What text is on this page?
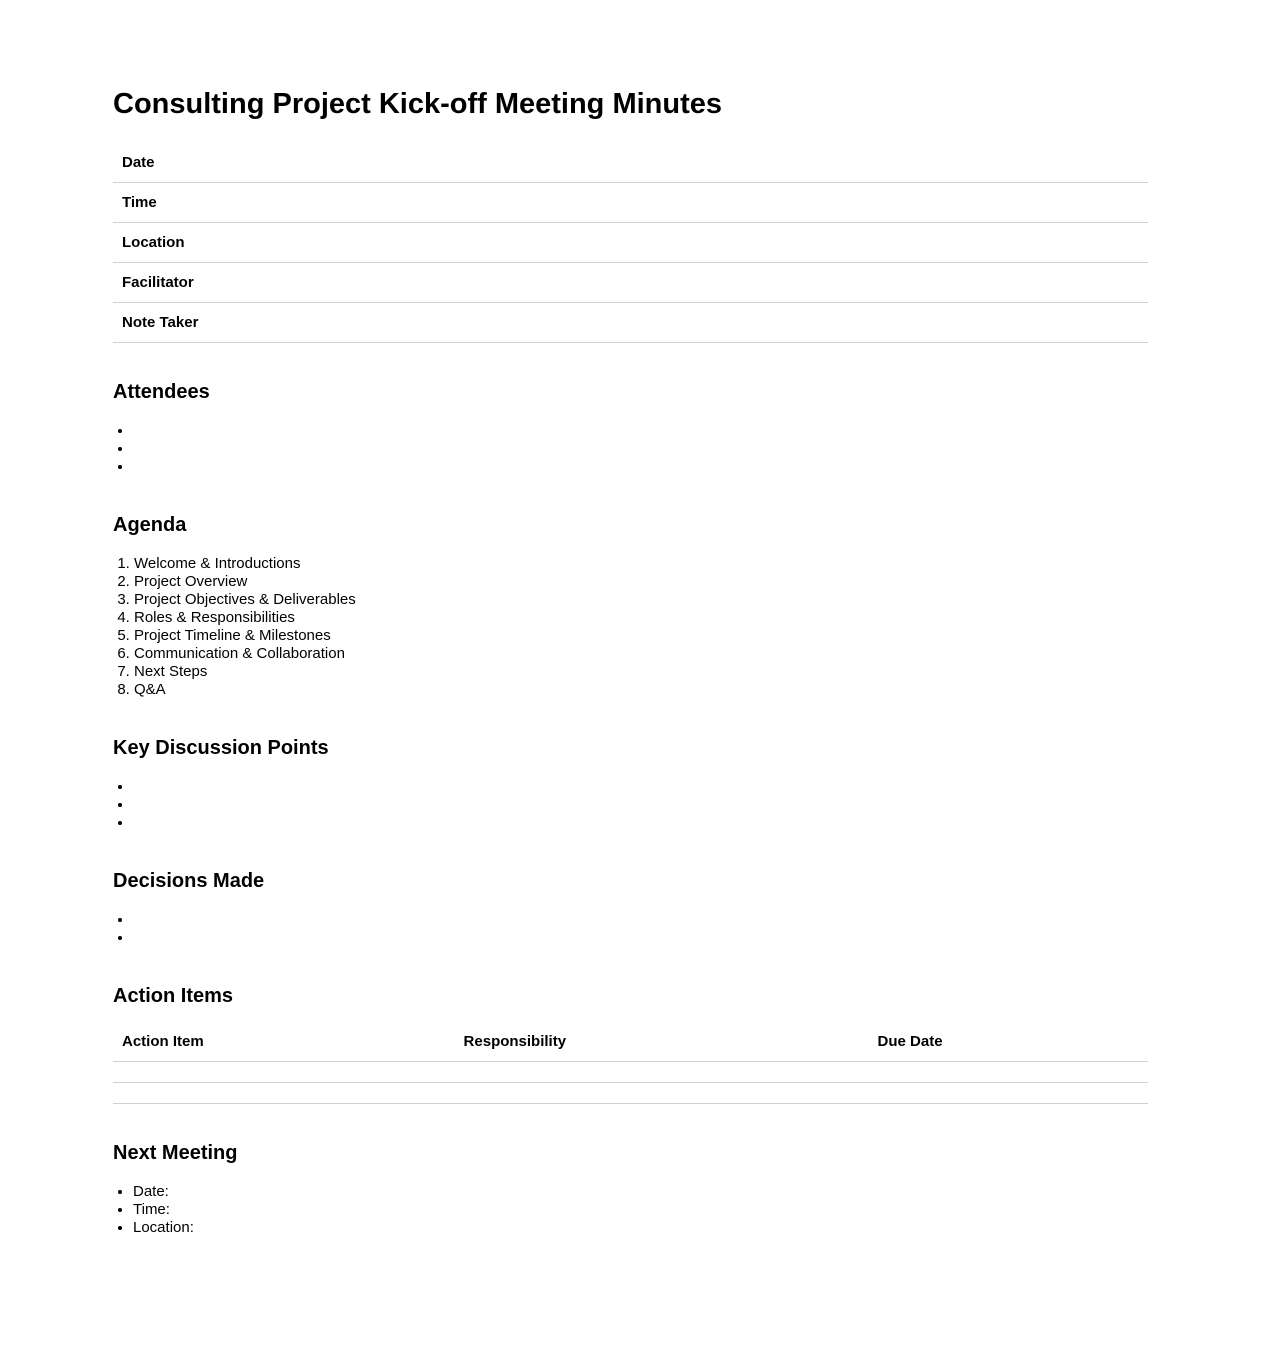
Consulting Project Kick-off Meeting Minutes
Date	
Time	
Location	
Facilitator	
Note Taker	
Attendees
•
•
•
Agenda
1. Welcome & Introductions
2. Project Overview
3. Project Objectives & Deliverables
4. Roles & Responsibilities
5. Project Timeline & Milestones
6. Communication & Collaboration
7. Next Steps
8. Q&A
Key Discussion Points
•
•
•
Decisions Made
•
•
Action Items
Action Item	Responsibility	Due Date

Next Meeting
• Date:
• Time:
• Location:
